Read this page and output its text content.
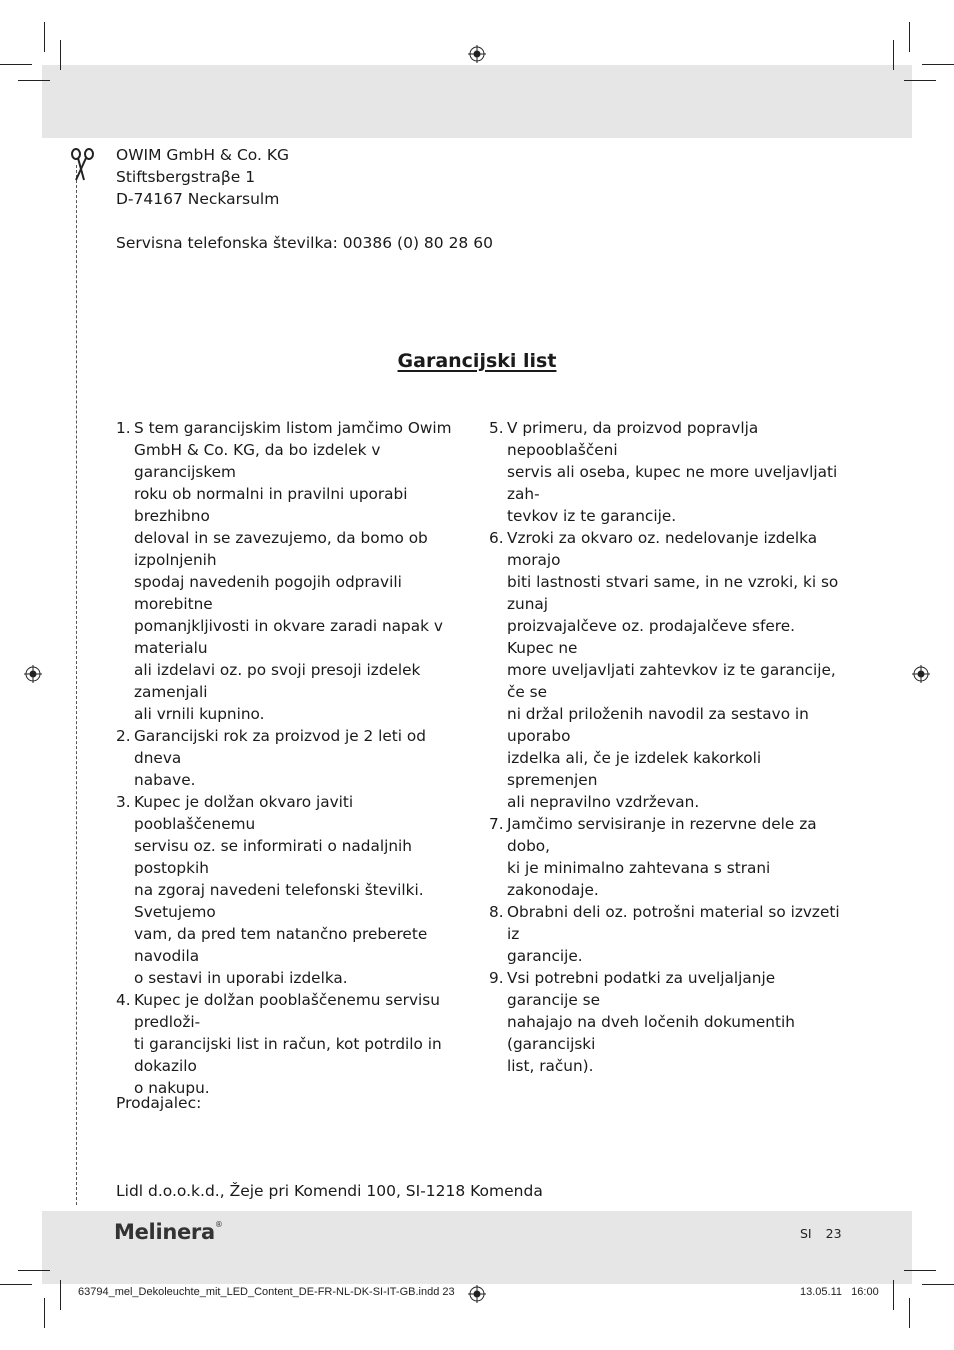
OWIM GmbH & Co. KG
Stiftsbergstraβe 1
D-74167 Neckarsulm
Servisna telefonska številka: 00386 (0) 80 28 60
Garancijski list
1. S tem garancijskim listom jamčimo Owim
GmbH & Co. KG, da bo izdelek v garancijskem
roku ob normalni in pravilni uporabi brezhibno
deloval in se zavezujemo, da bomo ob izpolnjenih
spodaj navedenih pogojih odpravili morebitne
pomanjkljivosti in okvare zaradi napak v materialu
ali izdelavi oz. po svoji presoji izdelek zamenjali
ali vrnili kupnino.
2. Garancijski rok za proizvod je 2 leti od dneva
nabave.
3. Kupec je dolžan okvaro javiti pooblaščenemu
servisu oz. se informirati o nadaljnih postopkih
na zgoraj navedeni telefonski številki. Svetujemo
vam, da pred tem natančno preberete navodila
o sestavi in uporabi izdelka.
4. Kupec je dolžan pooblaščenemu servisu predloži-
ti garancijski list in račun, kot potrdilo in dokazilo
o nakupu.
5. V primeru, da proizvod popravlja nepooblaščeni
servis ali oseba, kupec ne more uveljavljati zah-
tevkov iz te garancije.
6. Vzroki za okvaro oz. nedelovanje izdelka morajo
biti lastnosti stvari same, in ne vzroki, ki so zunaj
proizvajalčeve oz. prodajalčeve sfere. Kupec ne
more uveljavljati zahtevkov iz te garancije, če se
ni držal priloženih navodil za sestavo in uporabo
izdelka ali, če je izdelek kakorkoli spremenjen
ali nepravilno vzdrževan.
7. Jamčimo servisiranje in rezervne dele za dobo,
ki je minimalno zahtevana s strani zakonodaje.
8. Obrabni deli oz. potrošni material so izvzeti iz
garancije.
9. Vsi potrebni podatki za uveljaljanje garancije se
nahajajo na dveh ločenih dokumentih (garancijski
list, račun).
Prodajalec:
Lidl d.o.o.k.d., Žeje pri Komendi 100, SI-1218 Komenda
Melinera®
SI 23
63794_mel_Dekoleuchte_mit_LED_Content_DE-FR-NL-DK-SI-IT-GB.indd 23	13.05.11   16:00
